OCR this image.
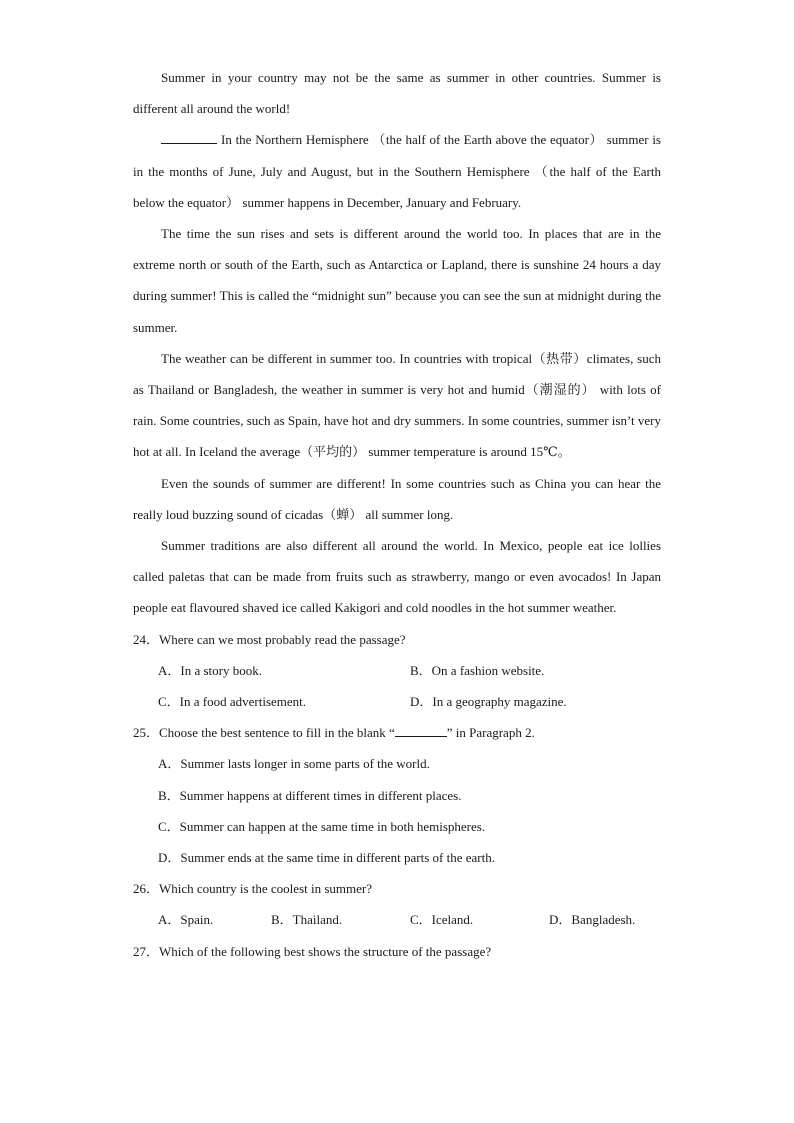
Summer in your country may not be the same as summer in other countries. Summer is different all around the world!

In the Northern Hemisphere （the half of the Earth above the equator） summer is in the months of June, July and August, but in the Southern Hemisphere （the half of the Earth below the equator） summer happens in December, January and February.

The time the sun rises and sets is different around the world too. In places that are in the extreme north or south of the Earth, such as Antarctica or Lapland, there is sunshine 24 hours a day during summer! This is called the “midnight sun” because you can see the sun at midnight during the summer.

The weather can be different in summer too. In countries with tropical（热带）climates, such as Thailand or Bangladesh, the weather in summer is very hot and humid（潮湿的） with lots of rain. Some countries, such as Spain, have hot and dry summers. In some countries, summer isn’t very hot at all. In Iceland the average（平均的） summer temperature is around 15℃。

Even the sounds of summer are different! In some countries such as China you can hear the really loud buzzing sound of cicadas（蝉） all summer long.

Summer traditions are also different all around the world. In Mexico, people eat ice lollies called paletas that can be made from fruits such as strawberry, mango or even avocados! In Japan people eat flavoured shaved ice called Kakigori and cold noodles in the hot summer weather.

24．Where can we most probably read the passage?

A．In a story book.	B．On a fashion website.
C．In a food advertisement.	D．In a geography magazine.

25．Choose the best sentence to fill in the blank “	” in Paragraph 2.

A．Summer lasts longer in some parts of the world.
B．Summer happens at different times in different places.
C．Summer can happen at the same time in both hemispheres.
D．Summer ends at the same time in different parts of the earth.

26．Which country is the coolest in summer?

A．Spain.	B．Thailand.	C．Iceland.	D．Bangladesh.

27．Which of the following best shows the structure of the passage?
